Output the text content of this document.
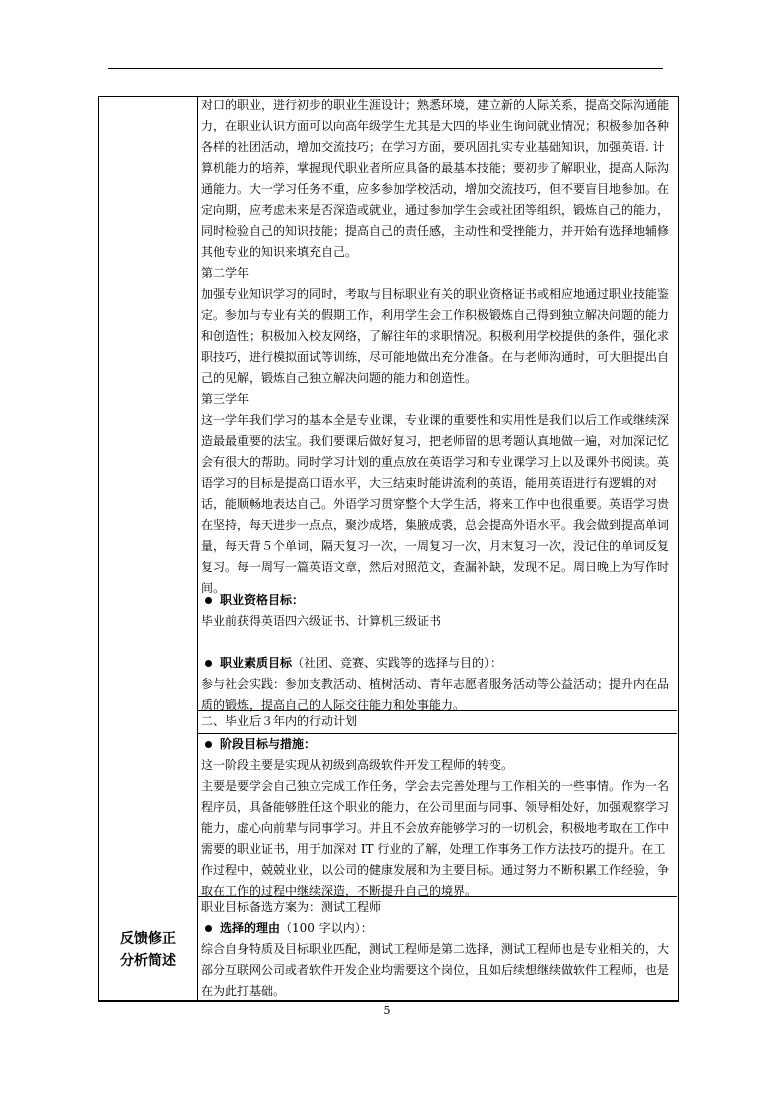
反馈修正
分析简述

对口的职业，进行初步的职业生涯设计；熟悉环境，建立新的人际关系，提高交际沟通能力，在职业认识方面可以向高年级学生尤其是大四的毕业生询问就业情况；积极参加各种各样的社团活动，增加交流技巧；在学习方面，要巩固扎实专业基础知识，加强英语. 计算机能力的培养，掌握现代职业者所应具备的最基本技能；要初步了解职业，提高人际沟通能力。大一学习任务不重，应多参加学校活动，增加交流技巧，但不要盲目地参加。在定向期，应考虑未来是否深造或就业，通过参加学生会或社团等组织，锻炼自己的能力，同时检验自己的知识技能；提高自己的责任感，主动性和受挫能力，并开始有选择地辅修其他专业的知识来填充自己。

第二学年

加强专业知识学习的同时，考取与目标职业有关的职业资格证书或相应地通过职业技能鉴定。参加与专业有关的假期工作，利用学生会工作积极锻炼自己得到独立解决问题的能力和创造性；积极加入校友网络，了解往年的求职情况。积极利用学校提供的条件，强化求职技巧，进行模拟面试等训练，尽可能地做出充分准备。在与老师沟通时，可大胆提出自己的见解，锻炼自己独立解决问题的能力和创造性。

第三学年

这一学年我们学习的基本全是专业课，专业课的重要性和实用性是我们以后工作或继续深造最最重要的法宝。我们要课后做好复习，把老师留的思考题认真地做一遍，对加深记忆会有很大的帮助。同时学习计划的重点放在英语学习和专业课学习上以及课外书阅读。英语学习的目标是提高口语水平，大三结束时能讲流利的英语，能用英语进行有逻辑的对话，能顺畅地表达自己。外语学习贯穿整个大学生活，将来工作中也很重要。英语学习贵在坚持，每天进步一点点，聚沙成塔，集腋成裘，总会提高外语水平。我会做到提高单词量，每天背５个单词，隔天复习一次，一周复习一次，月末复习一次，没记住的单词反复复习。每一周写一篇英语文章，然后对照范文，查漏补缺，发现不足。周日晚上为写作时间。

职业资格目标：

毕业前获得英语四六级证书、计算机三级证书

职业素质目标（社团、竞赛、实践等的选择与目的）：

参与社会实践：参加支教活动、植树活动、青年志愿者服务活动等公益活动；提升内在品质的锻炼，提高自己的人际交往能力和处事能力。

二、毕业后３年内的行动计划

阶段目标与措施：

这一阶段主要是实现从初级到高级软件开发工程师的转变。

主要是要学会自己独立完成工作任务，学会去完善处理与工作相关的一些事情。作为一名程序员，具备能够胜任这个职业的能力，在公司里面与同事、领导相处好，加强观察学习能力，虚心向前辈与同事学习。并且不会放弃能够学习的一切机会，积极地考取在工作中需要的职业证书，用于加深对 IT 行业的了解，处理工作事务工作方法技巧的提升。在工作过程中，兢兢业业，以公司的健康发展和为主要目标。通过努力不断积累工作经验，争取在工作的过程中继续深造，不断提升自己的境界。

职业目标备选方案为：测试工程师

选择的理由（100 字以内）：

综合自身特质及目标职业匹配，测试工程师是第二选择，测试工程师也是专业相关的，大部分互联网公司或者软件开发企业均需要这个岗位，且如后续想继续做软件工程师，也是在为此打基础。

5
